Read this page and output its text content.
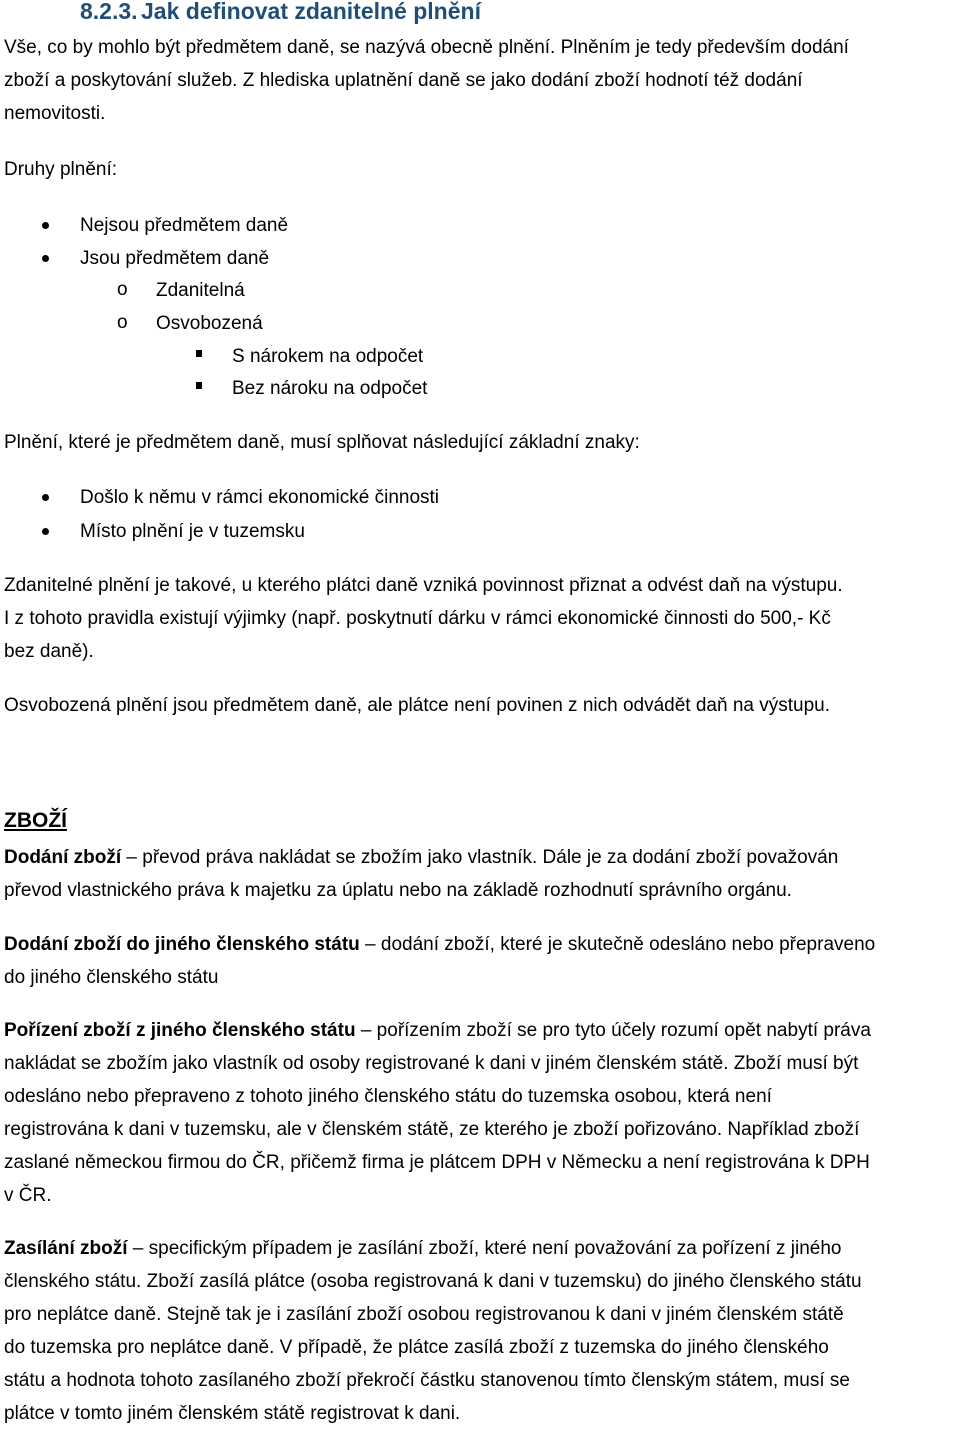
8.2.3. Jak definovat zdanitelné plnění

Vše, co by mohlo být předmětem daně, se nazývá obecně plnění. Plněním je tedy především dodání
zboží a poskytování služeb. Z hlediska uplatnění daně se jako dodání zboží hodnotí též dodání
nemovitosti.

Druhy plnění:

Nejsou předmětem daně

Jsou předmětem daně

o Zdanitelná

o Osvobozená

S nárokem na odpočet

Bez nároku na odpočet

Plnění, které je předmětem daně, musí splňovat následující základní znaky:

Došlo k němu v rámci ekonomické činnosti

Místo plnění je v tuzemsku

Zdanitelné plnění je takové, u kterého plátci daně vzniká povinnost přiznat a odvést daň na výstupu.
I z tohoto pravidla existují výjimky (např. poskytnutí dárku v rámci ekonomické činnosti do 500,- Kč
bez daně).

Osvobozená plnění jsou předmětem daně, ale plátce není povinen z nich odvádět daň na výstupu.

ZBOŽÍ

Dodání zboží – převod práva nakládat se zbožím jako vlastník. Dále je za dodání zboží považován
převod vlastnického práva k majetku za úplatu nebo na základě rozhodnutí správního orgánu.

Dodání zboží do jiného členského státu – dodání zboží, které je skutečně odesláno nebo přepraveno
do jiného členského státu

Pořízení zboží z jiného členského státu – pořízením zboží se pro tyto účely rozumí opět nabytí práva
nakládat se zbožím jako vlastník od osoby registrované k dani v jiném členském státě. Zboží musí být
odesláno nebo přepraveno z tohoto jiného členského státu do tuzemska osobou, která není
registrována k dani v tuzemsku, ale v členském státě, ze kterého je zboží pořizováno. Například zboží
zaslané německou firmou do ČR, přičemž firma je plátcem DPH v Německu a není registrována k DPH
v ČR.

Zasílání zboží – specifickým případem je zasílání zboží, které není považování za pořízení z jiného
členského státu. Zboží zasílá plátce (osoba registrovaná k dani v tuzemsku) do jiného členského státu
pro neplátce daně. Stejně tak je i zasílání zboží osobou registrovanou k dani v jiném členském státě
do tuzemska pro neplátce daně. V případě, že plátce zasílá zboží z tuzemska do jiného členského
státu a hodnota tohoto zasílaného zboží překročí částku stanovenou tímto členským státem, musí se
plátce v tomto jiném členském státě registrovat k dani.
